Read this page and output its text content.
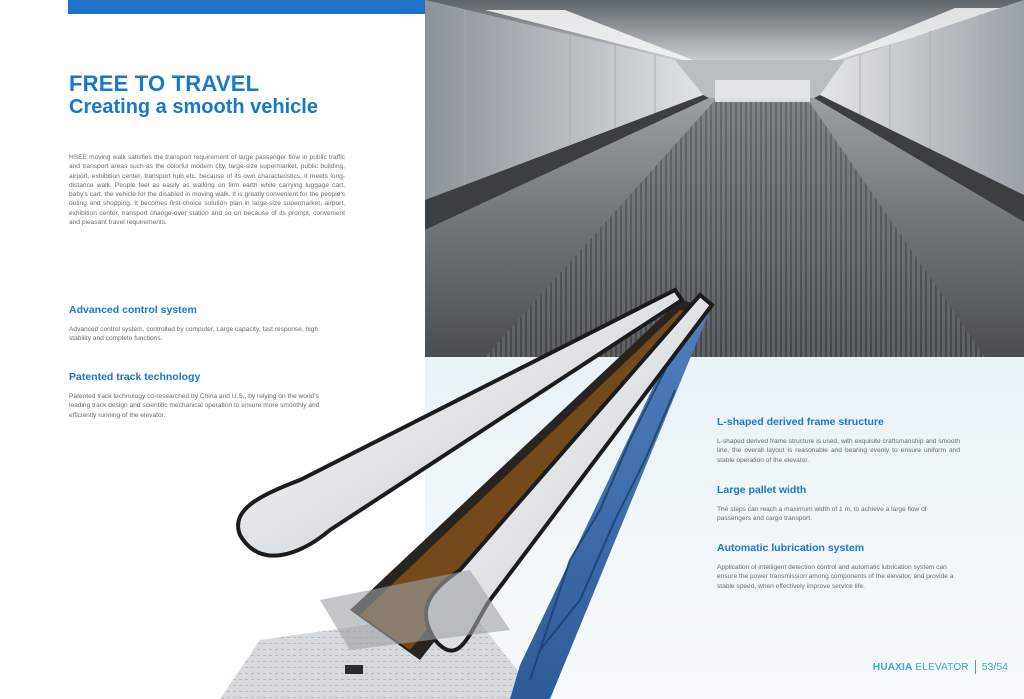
FREE TO TRAVEL
Creating a smooth vehicle

HSEE moving walk satisfies the transport requirement of large passenger flow in public traffic and transport areas such as the colorful modern city, large-size supermarket, public building, airport, exhibition center, transport hub etc. because of its own characteristics, it meets long-distance walk. People feel as easily as walking on firm earth while carrying luggage cart, baby's cart, the vehicle for the disabled in moving walk. It is greatly convenient for the people's outing and shopping. It becomes first-choice solution plan in large-size supermarket, airport, exhibition center, transport change-over station and so on because of its prompt, convenient and pleasant travel requirements.

Advanced control system

Advanced control system, controlled by computer, Large capacity, fast response, high stability and complete functions.

Patented track technology

Patented track technology co-researched by China and U.S., by relying on the world's leading track design and scientific mechanical operation to ensure more smoothly and efficiently running of the elevator.

L-shaped derived frame structure

L-shaped derived frame structure is used, with exquisite craftsmanship and smooth line, the overall layout is reasonable and bearing evenly to ensure uniform and stable operation of the elevator.

Large pallet width

The steps can reach a maximum width of 1 m, to achieve a large flow of passengers and cargo transport.

Automatic lubrication system

Application of intelligent detection control and automatic lubrication system can ensure the power transmission among components of the elevator, and provide a stable speed, when effectively improve service life.

HUAXIA ELEVATOR 53/54
